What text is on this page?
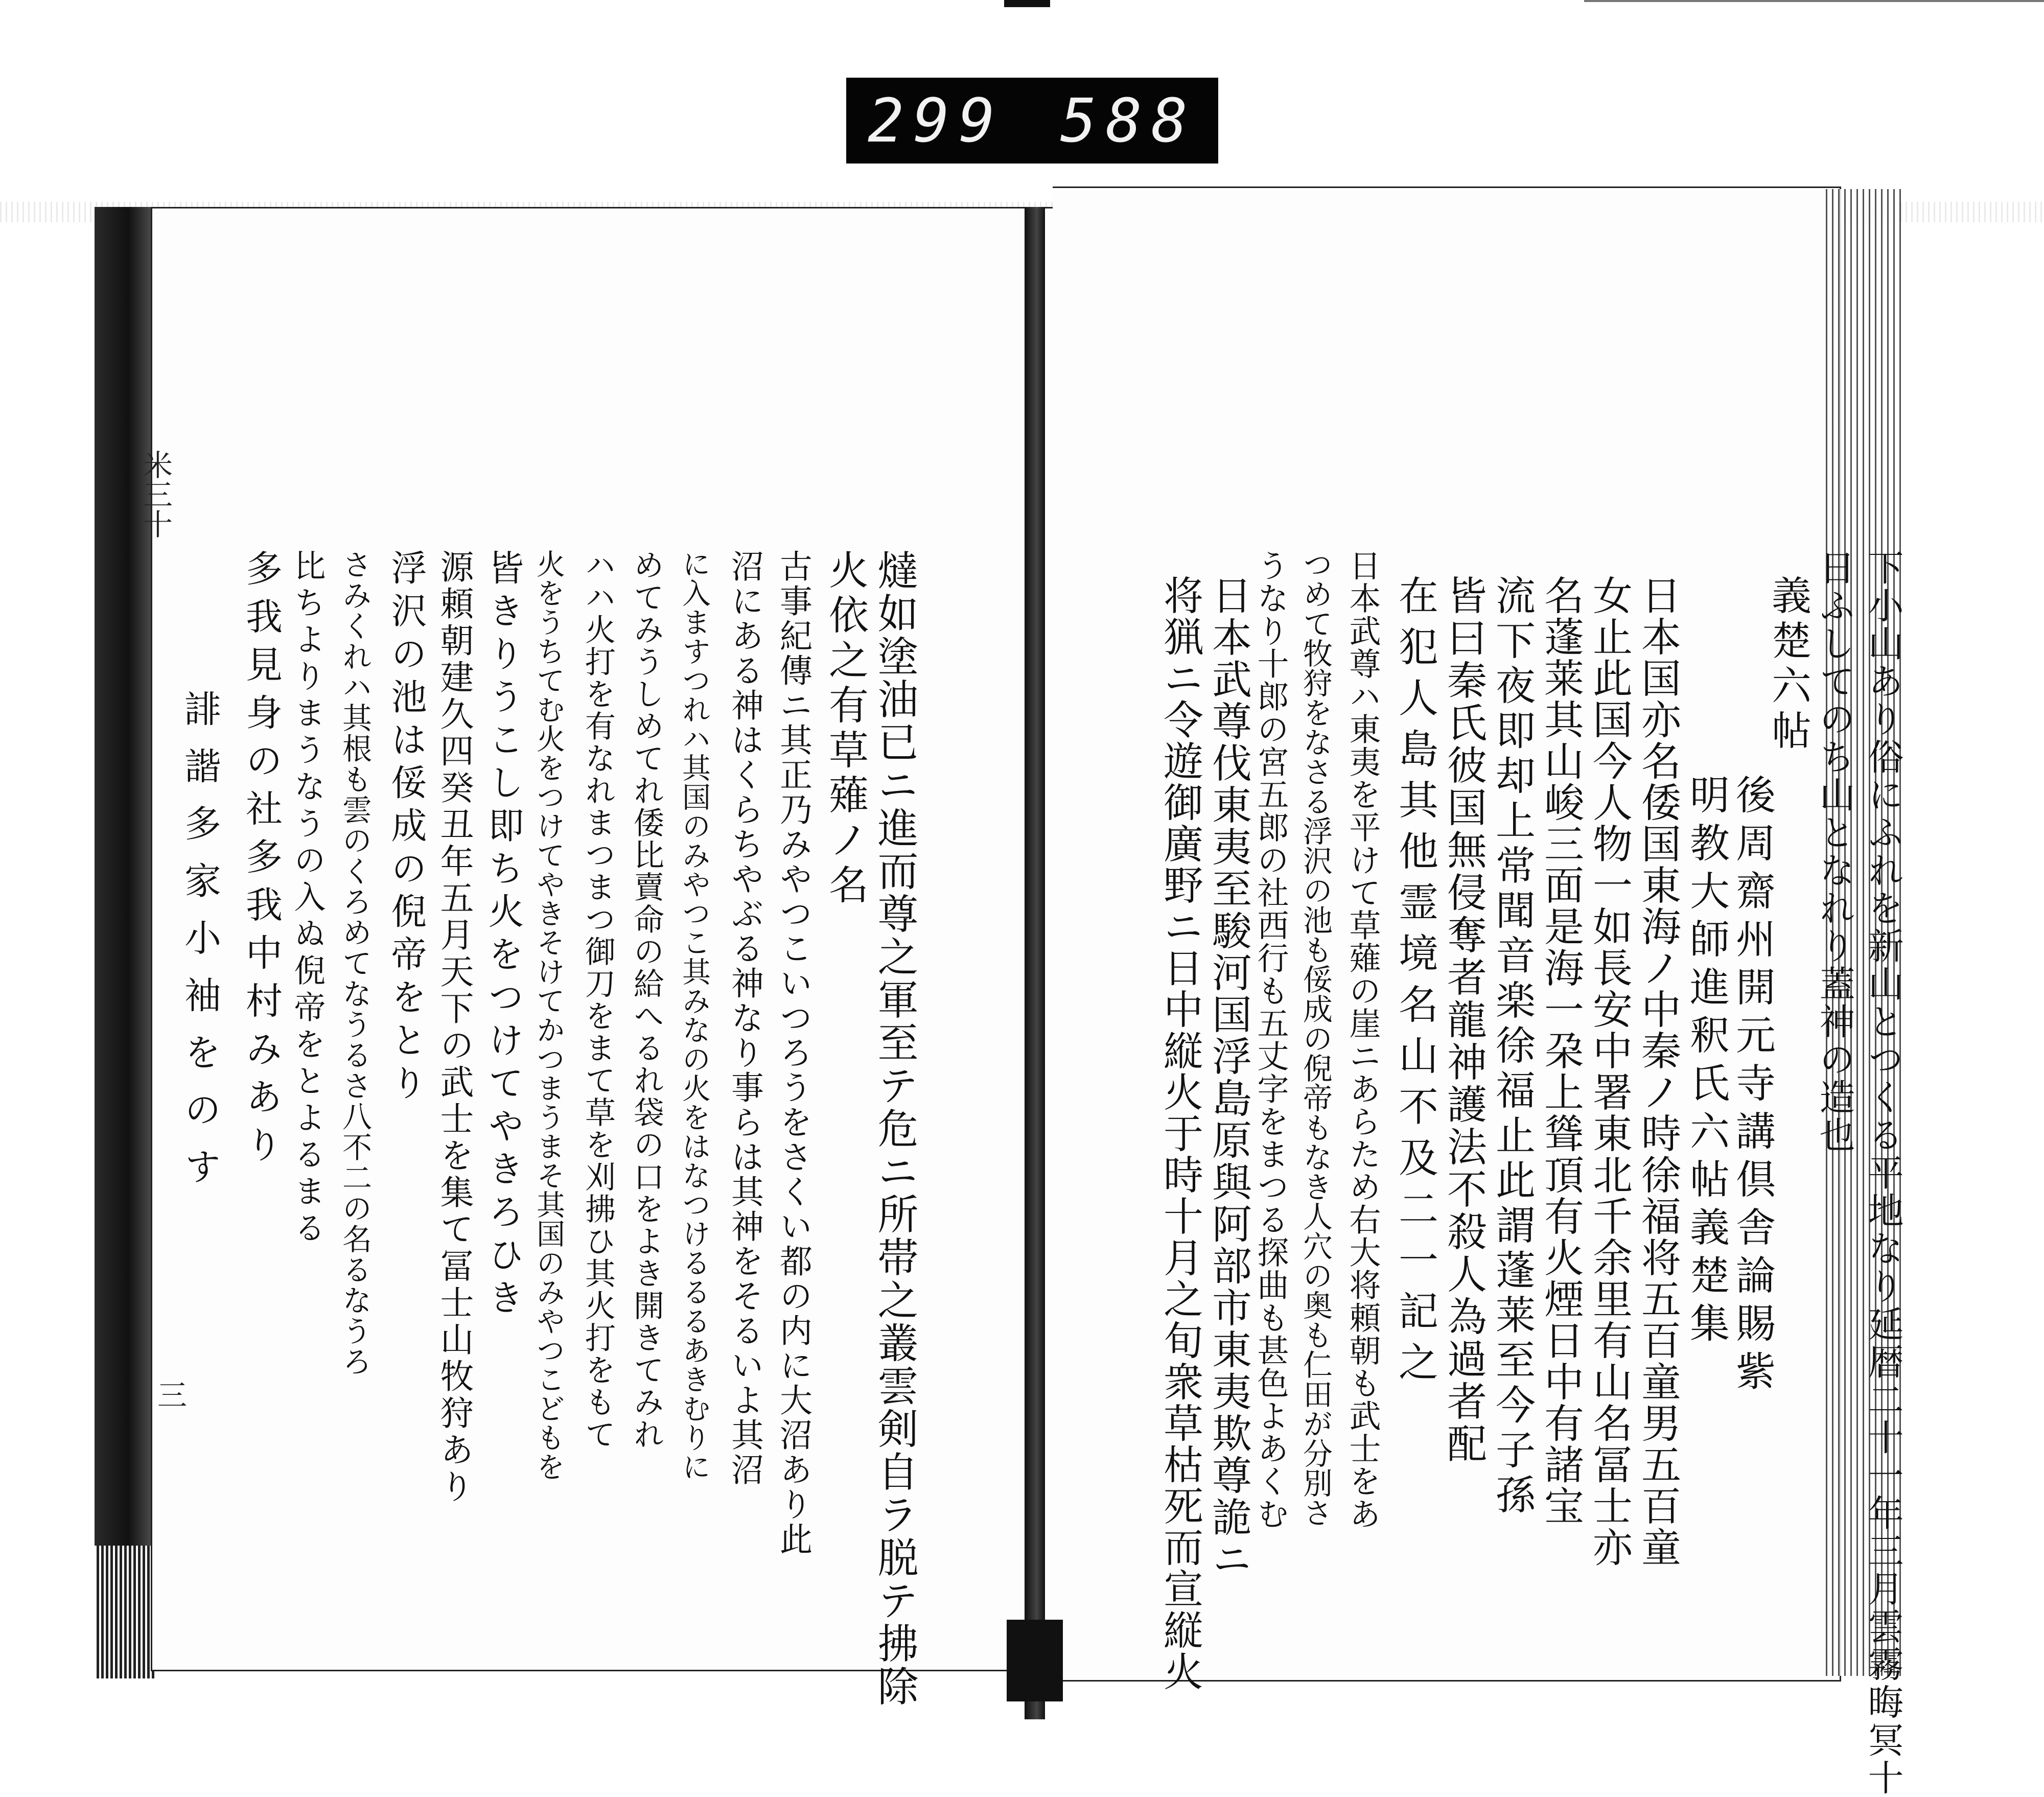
299 588
米三十
三	下小山あり俗にふれを新山とつくる平地なり延暦二十一年三月雲霧晦冥十
日ふしてのち山となれり蓋神の造也
義楚六帖
後周齋州開元寺講倶舎論賜紫
明教大師進釈氏六帖義楚集
日本国亦名倭国東海ノ中秦ノ時徐福将五百童男五百童
女止此国今人物一如長安中署東北千余里有山名冨士亦
名蓬莱其山峻三面是海一朶上聳頂有火煙日中有諸宝
流下夜即却上常聞音楽徐福止此謂蓬莱至今子孫
皆曰秦氏彼国無侵奪者龍神護法不殺人為過者配
在犯人島其他霊境名山不及二一記之
日本武尊ハ東夷を平けて草薙の崖ニあらため右大将頼朝も武士をあ
つめて牧狩をなさる浮沢の池も俀成の倪帝もなき人穴の奥も仁田が分別さ
うなり十郎の宮五郎の社西行も五丈字をまつる探曲も甚色よあくむ
日本武尊伐東夷至駿河国浮島原與阿部市東夷欺尊詭ニ
将猟ニ令遊御廣野ニ日中縦火于時十月之旬衆草枯死而宣縦火
燵如塗油已ニ進而尊之軍至テ危ニ所帯之叢雲剣自ラ脱テ拂除
火依之有草薙ノ名
古事紀傳ニ其正乃みやつこいつろうをさくい都の内に大沼あり此
沼にある神はくらちやぶる神なり事らは其神をそるいよ其沼
に入ますつれハ其国のみやつこ其みなの火をはなつけるるるあきむりに
めてみうしめてれ倭比賣命の給へるれ袋の口をよき開きてみれ
ハハ火打を有なれまつまつ御刀をまて草を刈拂ひ其火打をもて
火をうちてむ火をつけてやきそけてかつまうまそ其国のみやつこどもを
皆きりうこし即ち火をつけてやきろひき
源頼朝建久四癸丑年五月天下の武士を集て冨士山牧狩あり
浮沢の池は俀成の倪帝をとり
さみくれハ其根も雲のくろめてなうるさ八不二の名るなうろ
比ちよりまうなうの入ぬ倪帝をとよるまる
多我見身の社多我中村みあり
誹諧多家小袖をのす
